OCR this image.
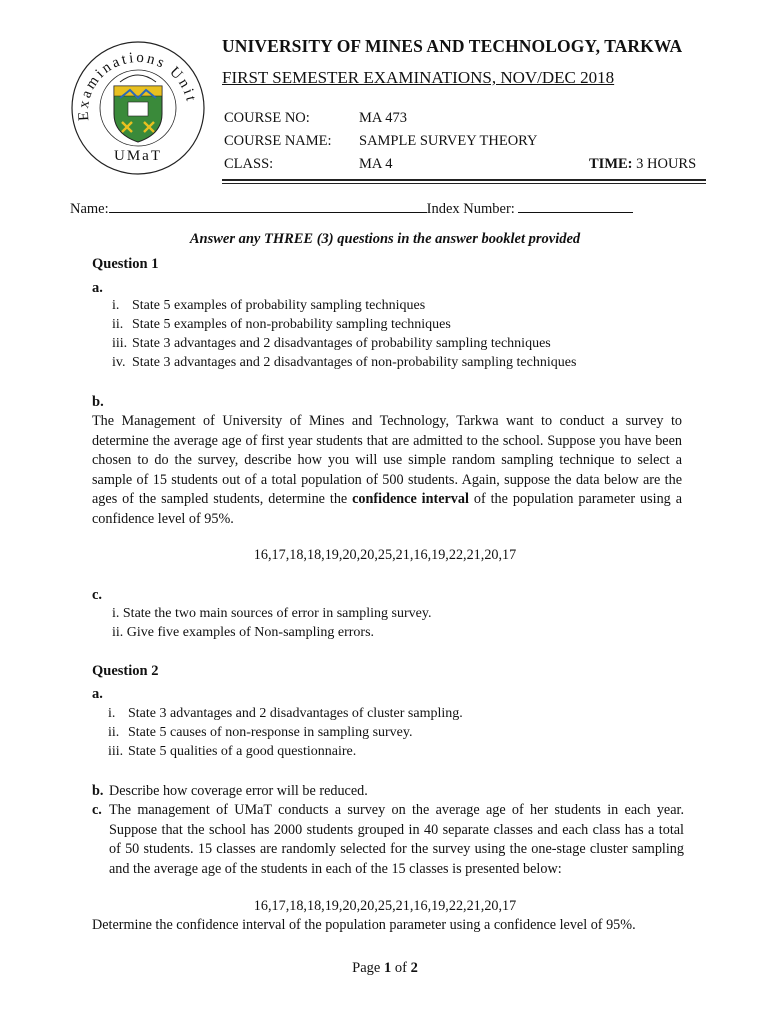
Examinations Unit
UMaT
UNIVERSITY OF MINES AND TECHNOLOGY, TARKWA
FIRST SEMESTER EXAMINATIONS, NOV/DEC 2018
COURSE NO:	MA 473
COURSE NAME: SAMPLE SURVEY THEORY
CLASS:	MA 4	TIME: 3 HOURS
Name:	Index Number:
Answer any THREE (3) questions in the answer booklet provided
Question 1
a.
i. State 5 examples of probability sampling techniques
ii. State 5 examples of non-probability sampling techniques
iii. State 3 advantages and 2 disadvantages of probability sampling techniques
iv. State 3 advantages and 2 disadvantages of non-probability sampling techniques
b.
The Management of University of Mines and Technology, Tarkwa want to conduct a survey to determine the average age of first year students that are admitted to the school. Suppose you have been chosen to do the survey, describe how you will use simple random sampling technique to select a sample of 15 students out of a total population of 500 students. Again, suppose the data below are the ages of the sampled students, determine the confidence interval of the population parameter using a confidence level of 95%.
16,17,18,18,19,20,20,25,21,16,19,22,21,20,17
c.
i. State the two main sources of error in sampling survey.
ii. Give five examples of Non-sampling errors.
Question 2
a.
i. State 3 advantages and 2 disadvantages of cluster sampling.
ii. State 5 causes of non-response in sampling survey.
iii. State 5 qualities of a good questionnaire.
b. Describe how coverage error will be reduced.
c. The management of UMaT conducts a survey on the average age of her students in each year. Suppose that the school has 2000 students grouped in 40 separate classes and each class has a total of 50 students. 15 classes are randomly selected for the survey using the one-stage cluster sampling and the average age of the students in each of the 15 classes is presented below:
16,17,18,18,19,20,20,25,21,16,19,22,21,20,17
Determine the confidence interval of the population parameter using a confidence level of 95%.
Page 1 of 2
